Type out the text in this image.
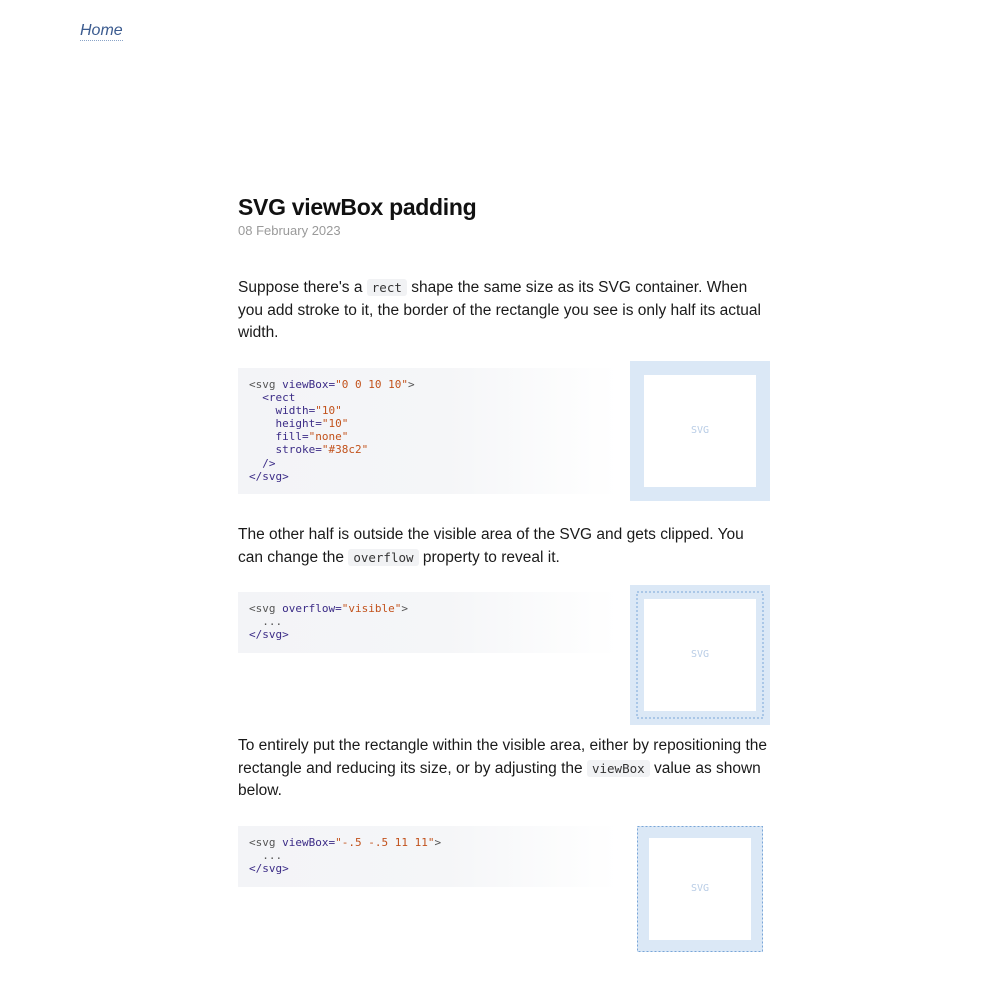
Home
SVG viewBox padding
08 February 2023

Suppose there's a rect shape the same size as its SVG container. When you add stroke to it, the border of the rectangle you see is only half its actual width.

<svg viewBox="0 0 10 10">
<rect
width="10"
height="10"
fill="none"
stroke="#38c2"
/>
</svg>
SVG

The other half is outside the visible area of the SVG and gets clipped. You can change the overflow property to reveal it.

<svg overflow="visible">
...
</svg>
SVG

To entirely put the rectangle within the visible area, either by repositioning the rectangle and reducing its size, or by adjusting the viewBox value as shown below.

<svg viewBox="-.5 -.5 11 11">
...
</svg>
SVG
